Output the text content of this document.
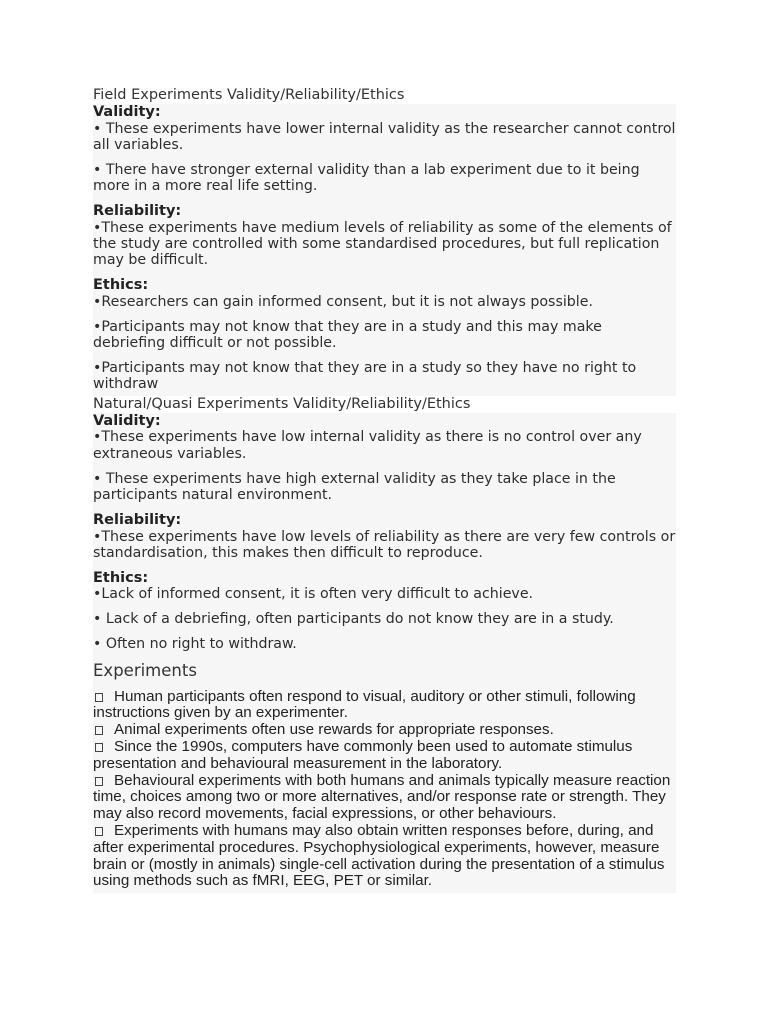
Field Experiments Validity/Reliability/Ethics
Validity:
• These experiments have lower internal validity as the researcher cannot control all variables.
• There have stronger external validity than a lab experiment due to it being more in a more real life setting.
Reliability:
•These experiments have medium levels of reliability as some of the elements of the study are controlled with some standardised procedures, but full replication may be difficult.
Ethics:
•Researchers can gain informed consent, but it is not always possible.
•Participants may not know that they are in a study and this may make debriefing difficult or not possible.
•Participants may not know that they are in a study so they have no right to withdraw
Natural/Quasi Experiments Validity/Reliability/Ethics
Validity:
•These experiments have low internal validity as there is no control over any extraneous variables.
• These experiments have high external validity as they take place in the participants natural environment.
Reliability:
•These experiments have low levels of reliability as there are very few controls or standardisation, this makes then difficult to reproduce.
Ethics:
•Lack of informed consent, it is often very difficult to achieve.
• Lack of a debriefing, often participants do not know they are in a study.
• Often no right to withdraw.
Experiments
Human participants often respond to visual, auditory or other stimuli, following instructions given by an experimenter.
Animal experiments often use rewards for appropriate responses.
Since the 1990s, computers have commonly been used to automate stimulus presentation and behavioural measurement in the laboratory.
Behavioural experiments with both humans and animals typically measure reaction time, choices among two or more alternatives, and/or response rate or strength. They may also record movements, facial expressions, or other behaviours.
Experiments with humans may also obtain written responses before, during, and after experimental procedures. Psychophysiological experiments, however, measure brain or (mostly in animals) single-cell activation during the presentation of a stimulus using methods such as fMRI, EEG, PET or similar.
